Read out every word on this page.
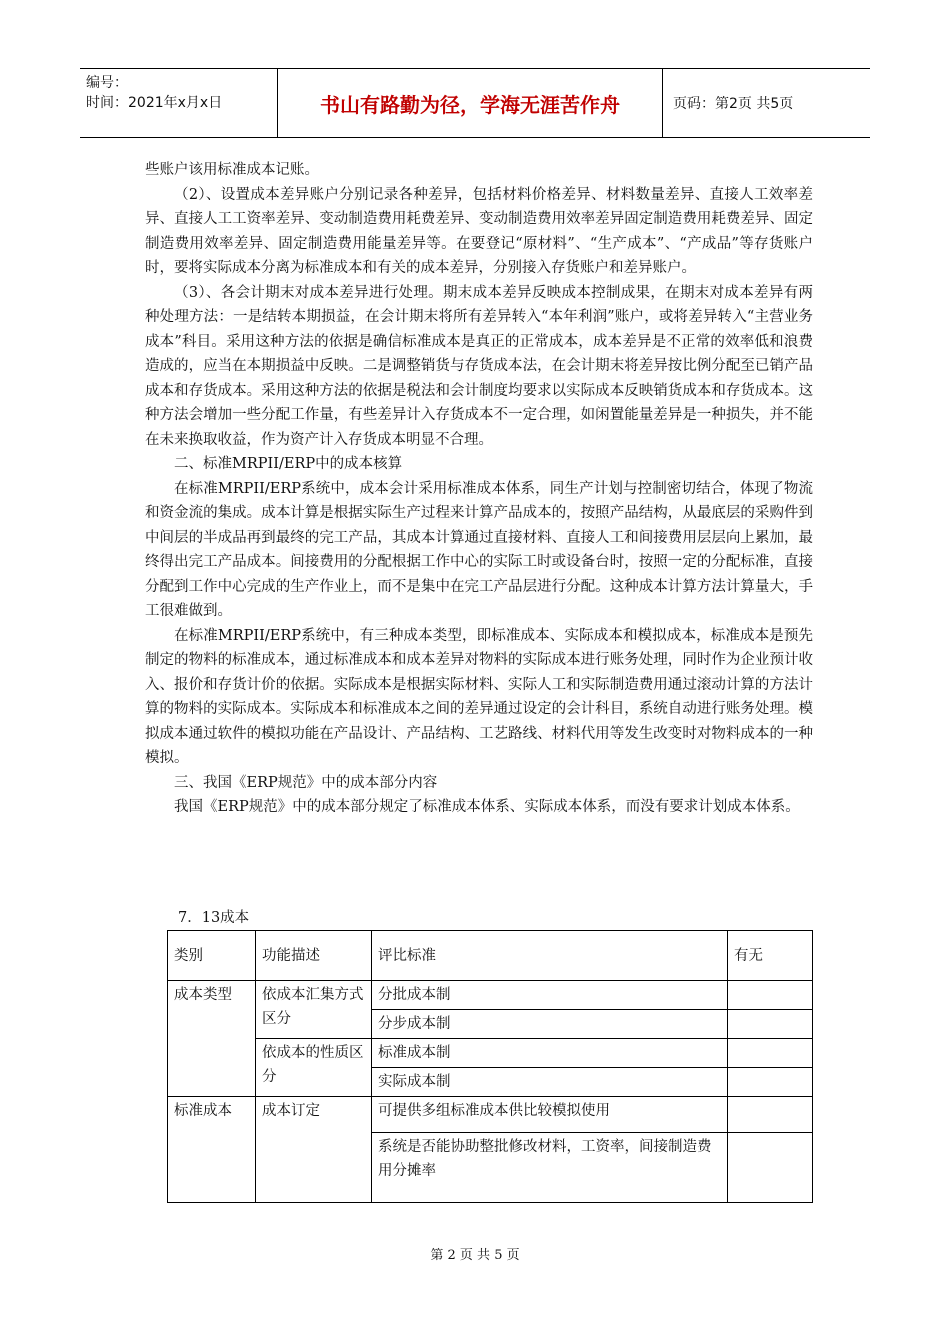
编号：
时间：2021年x月x日	书山有路勤为径，学海无涯苦作舟	页码：第2页 共5页

些账户该用标准成本记账。

（2）、设置成本差异账户分别记录各种差异，包括材料价格差异、材料数量差异、直接人工效率差异、直接人工工资率差异、变动制造费用耗费差异、变动制造费用效率差异固定制造费用耗费差异、固定制造费用效率差异、固定制造费用能量差异等。在要登记“原材料”、“生产成本”、“产成品”等存货账户时，要将实际成本分离为标准成本和有关的成本差异，分别接入存货账户和差异账户。

（3）、各会计期末对成本差异进行处理。期末成本差异反映成本控制成果，在期末对成本差异有两种处理方法：一是结转本期损益，在会计期末将所有差异转入“本年利润”账户，或将差异转入“主营业务成本”科目。采用这种方法的依据是确信标准成本是真正的正常成本，成本差异是不正常的效率低和浪费造成的，应当在本期损益中反映。二是调整销货与存货成本法，在会计期末将差异按比例分配至已销产品成本和存货成本。采用这种方法的依据是税法和会计制度均要求以实际成本反映销货成本和存货成本。这种方法会增加一些分配工作量，有些差异计入存货成本不一定合理，如闲置能量差异是一种损失，并不能在未来换取收益，作为资产计入存货成本明显不合理。

二、标准MRPII/ERP中的成本核算

在标准MRPII/ERP系统中，成本会计采用标准成本体系，同生产计划与控制密切结合，体现了物流和资金流的集成。成本计算是根据实际生产过程来计算产品成本的，按照产品结构，从最底层的采购件到中间层的半成品再到最终的完工产品，其成本计算通过直接材料、直接人工和间接费用层层向上累加，最终得出完工产品成本。间接费用的分配根据工作中心的实际工时或设备台时，按照一定的分配标准，直接分配到工作中心完成的生产作业上，而不是集中在完工产品层进行分配。这种成本计算方法计算量大，手工很难做到。

在标准MRPII/ERP系统中，有三种成本类型，即标准成本、实际成本和模拟成本，标准成本是预先制定的物料的标准成本，通过标准成本和成本差异对物料的实际成本进行账务处理，同时作为企业预计收入、报价和存货计价的依据。实际成本是根据实际材料、实际人工和实际制造费用通过滚动计算的方法计算的物料的实际成本。实际成本和标准成本之间的差异通过设定的会计科目，系统自动进行账务处理。模拟成本通过软件的模拟功能在产品设计、产品结构、工艺路线、材料代用等发生改变时对物料成本的一种模拟。

三、我国《ERP规范》中的成本部分内容

我国《ERP规范》中的成本部分规定了标准成本体系、实际成本体系，而没有要求计划成本体系。

7．13成本
类别	功能描述	评比标准	有无
成本类型	依成本汇集方式区分	分批成本制	
		分步成本制	
	依成本的性质区分	标准成本制	
		实际成本制	
标准成本	成本订定	可提供多组标准成本供比较模拟使用	
		系统是否能协助整批修改材料，工资率，间接制造费用分摊率	
第 2 页 共 5 页
